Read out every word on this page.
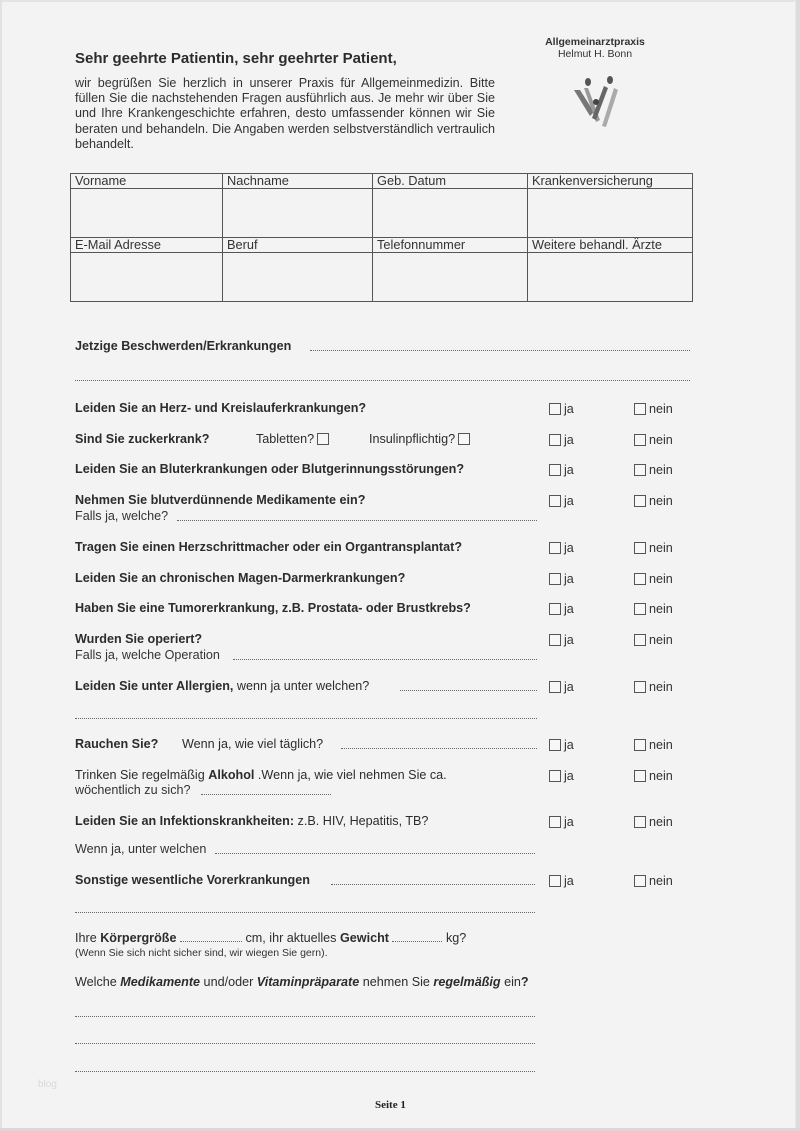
Sehr geehrte Patientin, sehr geehrter Patient,
wir begrüßen Sie herzlich in unserer Praxis für Allgemeinmedizin. Bitte füllen Sie die nachstehenden Fragen ausführlich aus. Je mehr wir über Sie und Ihre Krankengeschichte erfahren, desto umfassender können wir Sie beraten und behandeln. Die Angaben werden selbstverständlich vertraulich behandelt.
Allgemeinarztpraxis
Helmut H. Bonn
Vorname	Nachname	Geb. Datum	Krankenversicherung

E-Mail Adresse	Beruf	Telefonnummer	Weitere behandl. Ärzte

Jetzige Beschwerden/Erkrankungen
Leiden Sie an Herz- und Kreislauferkrankungen?	ja	nein
Sind Sie zuckerkrank?	Tabletten?	Insulinpflichtig?	ja	nein
Leiden Sie an Bluterkrankungen oder Blutgerinnungsstörungen?	ja	nein
Nehmen Sie blutverdünnende Medikamente ein?
Falls ja, welche?
ja	nein
Tragen Sie einen Herzschrittmacher oder ein Organtransplantat?	ja	nein
Leiden Sie an chronischen Magen-Darmerkrankungen?	ja	nein
Haben Sie eine Tumorerkrankung, z.B. Prostata- oder Brustkrebs?	ja	nein
Wurden Sie operiert?
Falls ja, welche Operation
ja	nein
Leiden Sie unter Allergien, wenn ja unter welchen?	ja	nein
Rauchen Sie? Wenn ja, wie viel täglich?	ja	nein
Trinken Sie regelmäßig Alkohol .Wenn ja, wie viel nehmen Sie ca.
wöchentlich zu sich?
ja	nein
Leiden Sie an Infektionskrankheiten: z.B. HIV, Hepatitis, TB?
Wenn ja, unter welchen
ja	nein
Sonstige wesentliche Vorerkrankungen	ja	nein
Ihre Körpergröße	cm, ihr aktuelles Gewicht	kg?
(Wenn Sie sich nicht sicher sind, wir wiegen Sie gern).
Welche Medikamente und/oder Vitaminpräparate nehmen Sie regelmäßig ein?
blog
Seite 1
